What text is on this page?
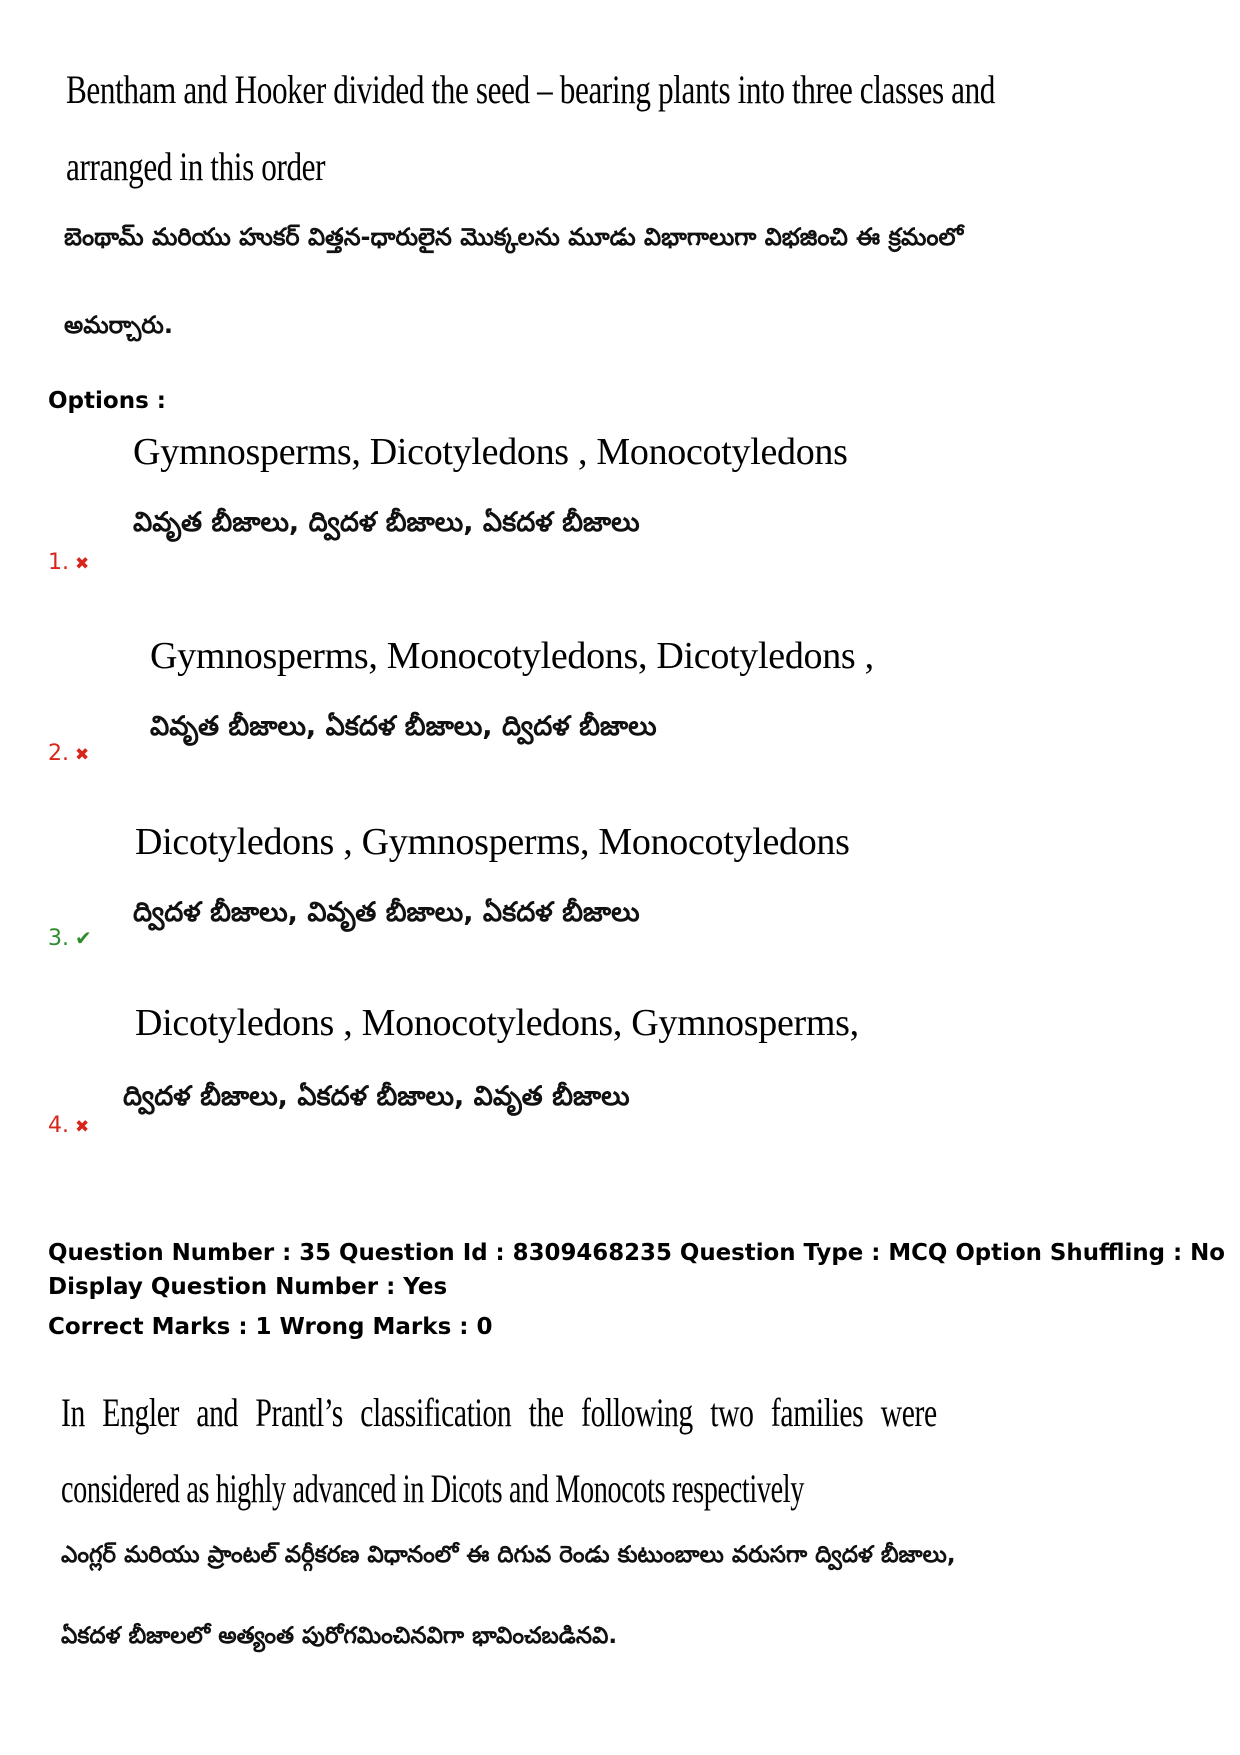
Bentham and Hooker divided the seed – bearing plants into three classes and
arranged in this order
బెంథామ్ మరియు హుకర్ విత్తన-ధారులైన మొక్కలను మూడు విభాగాలుగా విభజించి ఈ క్రమంలో
అమర్చారు.
Options :
Gymnosperms, Dicotyledons , Monocotyledons
వివృత బీజాలు, ద్విదళ బీజాలు, ఏకదళ బీజాలు
1. ✖
Gymnosperms, Monocotyledons, Dicotyledons ,
వివృత బీజాలు, ఏకదళ బీజాలు, ద్విదళ బీజాలు
2. ✖
Dicotyledons , Gymnosperms, Monocotyledons
ద్విదళ బీజాలు, వివృత బీజాలు, ఏకదళ బీజాలు
3. ✔
Dicotyledons , Monocotyledons, Gymnosperms,
ద్విదళ బీజాలు, ఏకదళ బీజాలు, వివృత బీజాలు
4. ✖
Question Number : 35 Question Id : 8309468235 Question Type : MCQ Option Shuffling : No
Display Question Number : Yes
Correct Marks : 1 Wrong Marks : 0
In Engler and Prantl’s classification the following two families were
considered as highly advanced in Dicots and Monocots respectively
ఎంగ్లర్ మరియు ప్రాంటల్ వర్గీకరణ విధానంలో ఈ దిగువ రెండు కుటుంబాలు వరుసగా ద్విదళ బీజాలు,
ఏకదళ బీజాలలో అత్యంత పురోగమించినవిగా భావించబడినవి.
